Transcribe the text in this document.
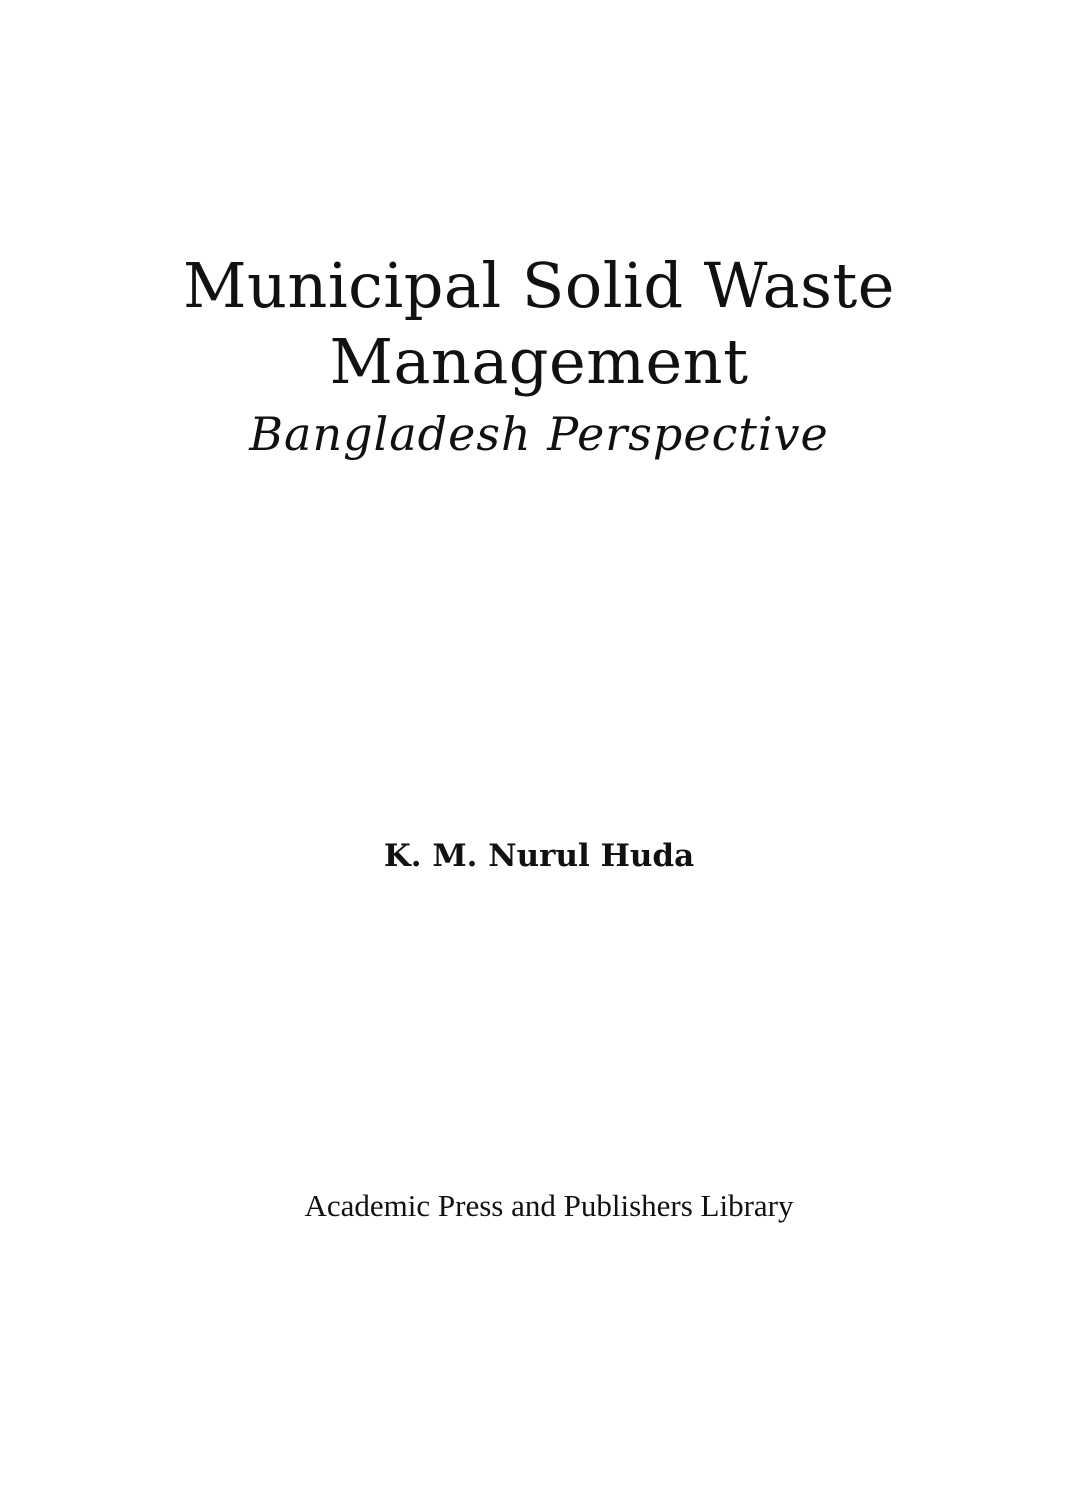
Municipal Solid Waste
Management
Bangladesh Perspective
K. M. Nurul Huda
Academic Press and Publishers Library
